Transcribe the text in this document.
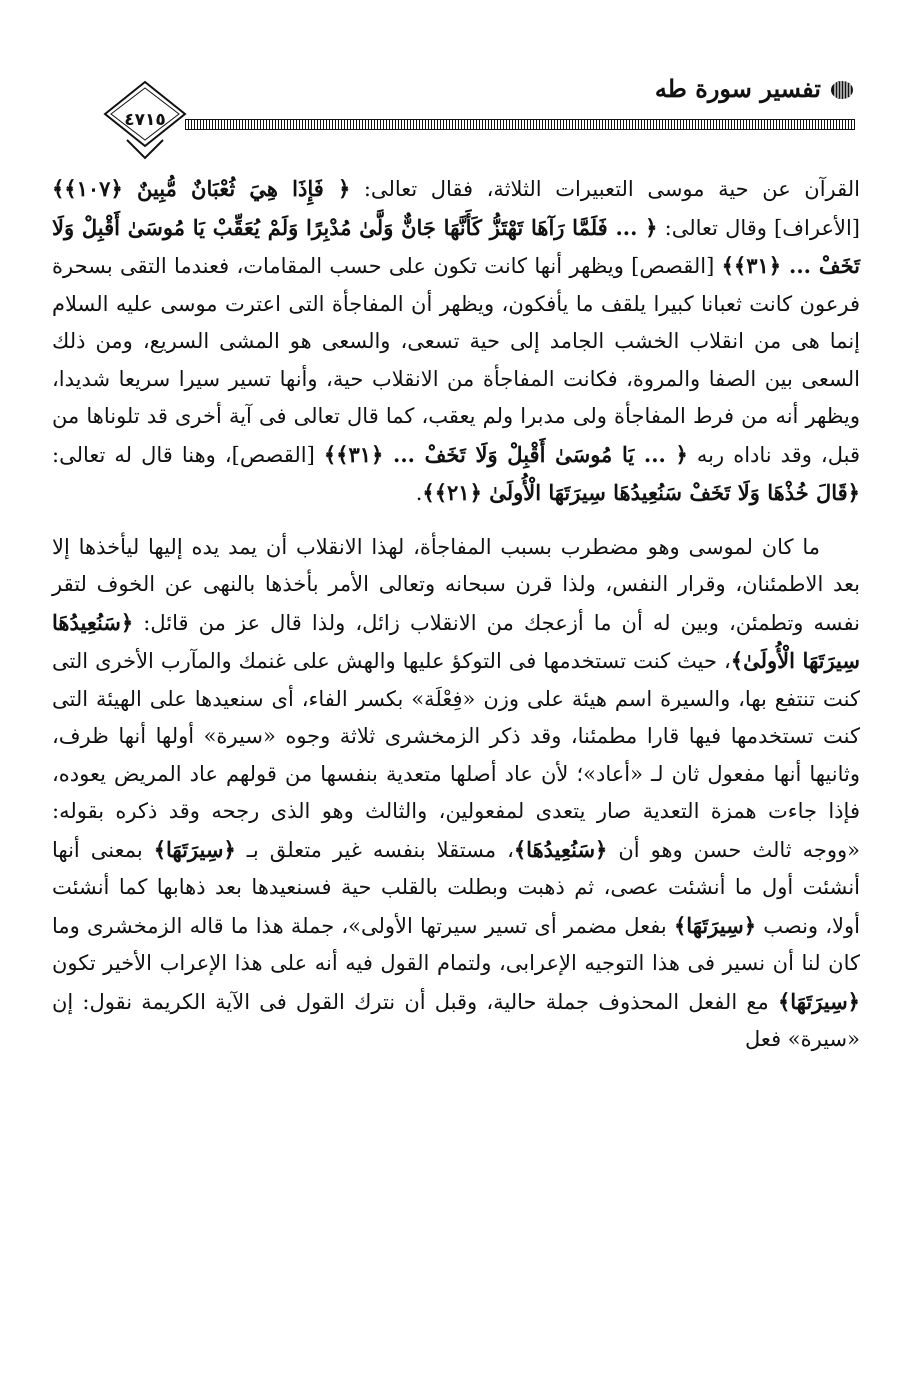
تفسير سورة طه
٤٧١٥

القرآن عن حية موسى التعبيرات الثلاثة، فقال تعالى: ﴿ فَإِذَا هِيَ ثُعْبَانٌ مُّبِينٌ ﴿١٠٧﴾﴾ [الأعراف] وقال تعالى: ﴿ ... فَلَمَّا رَآهَا تَهْتَزُّ كَأَنَّهَا جَانٌّ وَلَّىٰ مُدْبِرًا وَلَمْ يُعَقِّبْ يَا مُوسَىٰ أَقْبِلْ وَلَا تَخَفْ ... ﴿٣١﴾﴾ [القصص] ويظهر أنها كانت تكون على حسب المقامات، فعندما التقى بسحرة فرعون كانت ثعبانا كبيرا يلقف ما يأفكون، ويظهر أن المفاجأة التى اعترت موسى عليه السلام إنما هى من انقلاب الخشب الجامد إلى حية تسعى، والسعى هو المشى السريع، ومن ذلك السعى بين الصفا والمروة، فكانت المفاجأة من الانقلاب حية، وأنها تسير سيرا سريعا شديدا، ويظهر أنه من فرط المفاجأة ولى مدبرا ولم يعقب، كما قال تعالى فى آية أخرى قد تلوناها من قبل، وقد ناداه ربه ﴿ ... يَا مُوسَىٰ أَقْبِلْ وَلَا تَخَفْ ... ﴿٣١﴾﴾ [القصص]، وهنا قال له تعالى: ﴿قَالَ خُذْهَا وَلَا تَخَفْ سَنُعِيدُهَا سِيرَتَهَا الْأُولَىٰ ﴿٢١﴾﴾.

ما كان لموسى وهو مضطرب بسبب المفاجأة، لهذا الانقلاب أن يمد يده إليها ليأخذها إلا بعد الاطمئنان، وقرار النفس، ولذا قرن سبحانه وتعالى الأمر بأخذها بالنهى عن الخوف لتقر نفسه وتطمئن، وبين له أن ما أزعجك من الانقلاب زائل، ولذا قال عز من قائل: ﴿سَنُعِيدُهَا سِيرَتَهَا الْأُولَىٰ﴾، حيث كنت تستخدمها فى التوكؤ عليها والهش على غنمك والمآرب الأخرى التى كنت تنتفع بها، والسيرة اسم هيئة على وزن «فِعْلَة» بكسر الفاء، أى سنعيدها على الهيئة التى كنت تستخدمها فيها قارا مطمئنا، وقد ذكر الزمخشرى ثلاثة وجوه «سيرة» أولها أنها ظرف، وثانيها أنها مفعول ثان لـ «أعاد»؛ لأن عاد أصلها متعدية بنفسها من قولهم عاد المريض يعوده، فإذا جاءت همزة التعدية صار يتعدى لمفعولين، والثالث وهو الذى رجحه وقد ذكره بقوله: «ووجه ثالث حسن وهو أن ﴿سَنُعِيدُهَا﴾، مستقلا بنفسه غير متعلق بـ ﴿سِيرَتَهَا﴾ بمعنى أنها أنشئت أول ما أنشئت عصى، ثم ذهبت وبطلت بالقلب حية فسنعيدها بعد ذهابها كما أنشئت أولا، ونصب ﴿سِيرَتَهَا﴾ بفعل مضمر أى تسير سيرتها الأولى»، جملة هذا ما قاله الزمخشرى وما كان لنا أن نسير فى هذا التوجيه الإعرابى، ولتمام القول فيه أنه على هذا الإعراب الأخير تكون ﴿سِيرَتَهَا﴾ مع الفعل المحذوف جملة حالية، وقبل أن نترك القول فى الآية الكريمة نقول: إن «سيرة» فعل
